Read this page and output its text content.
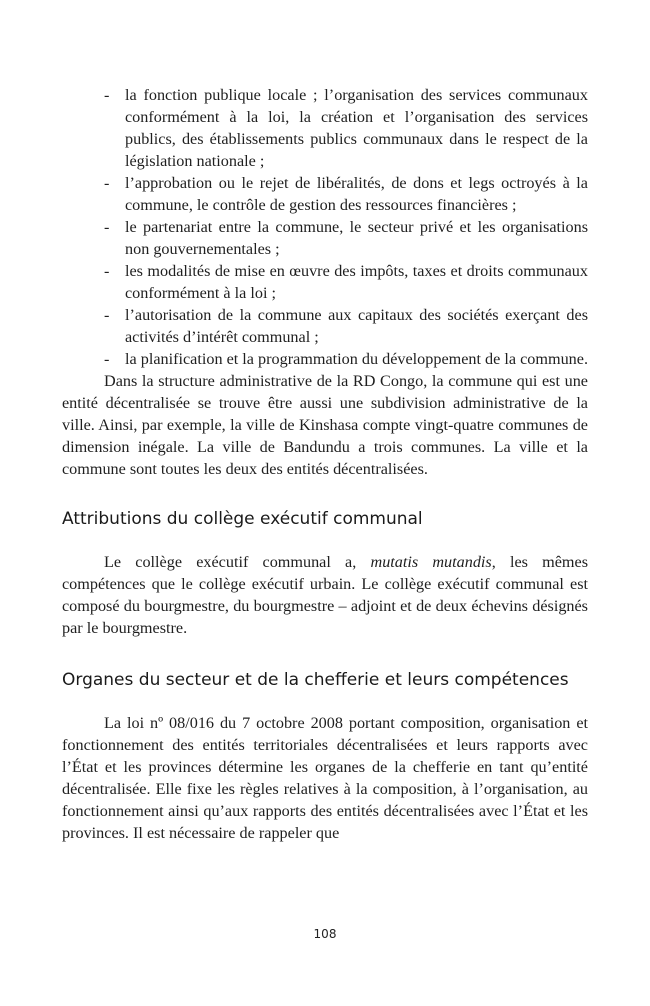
- la fonction publique locale ; l’organisation des services communaux conformément à la loi, la création et l’organisation des services publics, des établissements publics communaux dans le respect de la législation nationale ;
- l’approbation ou le rejet de libéralités, de dons et legs octroyés à la commune, le contrôle de gestion des ressources financières ;
- le partenariat entre la commune, le secteur privé et les organisations non gouvernementales ;
- les modalités de mise en œuvre des impôts, taxes et droits communaux conformément à la loi ;
- l’autorisation de la commune aux capitaux des sociétés exerçant des activités d’intérêt communal ;
- la planification et la programmation du développement de la commune.

Dans la structure administrative de la RD Congo, la commune qui est une entité décentralisée se trouve être aussi une subdivision administrative de la ville. Ainsi, par exemple, la ville de Kinshasa compte vingt-quatre communes de dimension inégale. La ville de Bandundu a trois communes. La ville et la commune sont toutes les deux des entités décentralisées.

Attributions du collège exécutif communal

Le collège exécutif communal a, mutatis mutandis, les mêmes compétences que le collège exécutif urbain. Le collège exécutif communal est composé du bourgmestre, du bourgmestre – adjoint et de deux échevins désignés par le bourgmestre.

Organes du secteur et de la chefferie et leurs compétences

La loi nº 08/016 du 7 octobre 2008 portant composition, organisation et fonctionnement des entités territoriales décentralisées et leurs rapports avec l’État et les provinces détermine les organes de la chefferie en tant qu’entité décentralisée. Elle fixe les règles relatives à la composition, à l’organisation, au fonctionnement ainsi qu’aux rapports des entités décentralisées avec l’État et les provinces. Il est nécessaire de rappeler que

108
